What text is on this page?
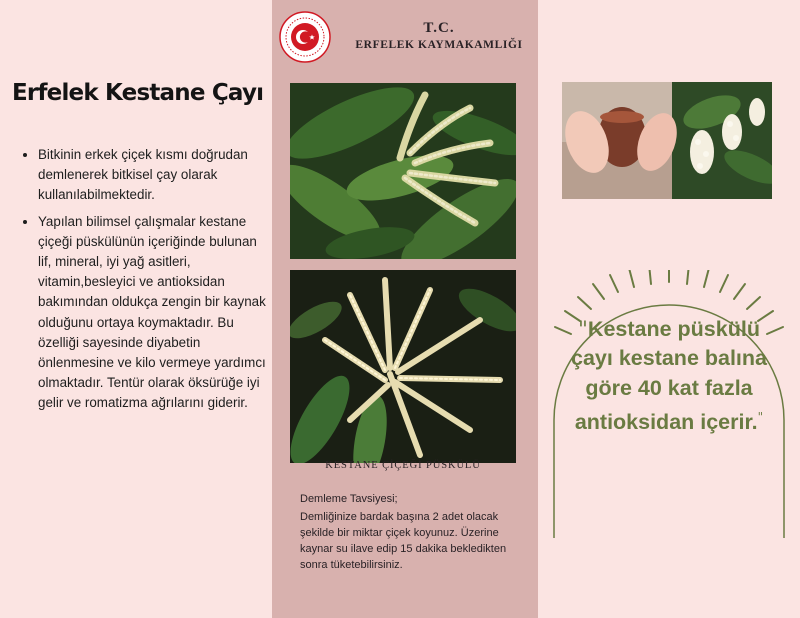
Erfelek Kestane Çayı
• Bitkinin erkek çiçek kısmı doğrudan demlenerek bitkisel çay olarak kullanılabilmektedir.
• Yapılan bilimsel çalışmalar kestane çiçeği püskülünün içeriğinde bulunan lif, mineral, iyi yağ asitleri, vitamin,besleyici ve antioksidan bakımından oldukça zengin bir kaynak olduğunu ortaya koymaktadır. Bu özelliği sayesinde diyabetin önlenmesine ve kilo vermeye yardımcı olmaktadır. Tentür olarak öksürüğe iyi gelir ve romatizma ağrılarını giderir.
T.C.
ERFELEK KAYMAKAMLIĞI
KESTANE ÇİÇEĞİ PÜSKÜLÜ
Demleme Tavsiyesi;
Demliğinize bardak başına 2 adet olacak şekilde bir miktar çiçek koyunuz. Üzerine kaynar su ilave edip 15 dakika bekledikten sonra tüketebilirsiniz.
"Kestane püskülü çayı kestane balına göre 40 kat fazla antioksidan içerir."
